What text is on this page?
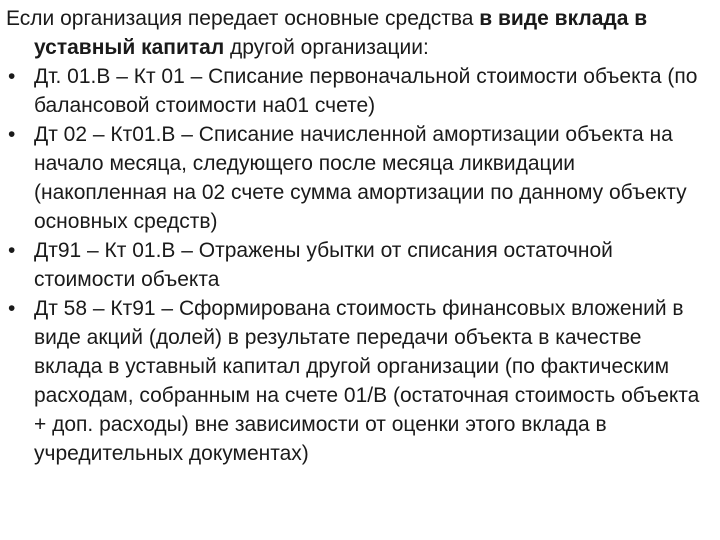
Если организация передает основные средства в виде вклада в уставный капитал другой организации:

• Дт. 01.В – Кт 01 – Списание первоначальной стоимости объекта (по балансовой стоимости на01 счете)
• Дт 02 – Кт01.В – Списание начисленной амортизации объекта на начало месяца, следующего после месяца ликвидации (накопленная на 02 счете сумма амортизации по данному объекту основных средств)
• Дт91 – Кт 01.В – Отражены убытки от списания остаточной стоимости объекта
• Дт 58 – Кт91 – Сформирована стоимость финансовых вложений в виде акций (долей) в результате передачи объекта в качестве вклада в уставный капитал другой организации (по фактическим расходам, собранным на счете 01/В (остаточная стоимость объекта + доп. расходы) вне зависимости от оценки этого вклада в учредительных документах)
